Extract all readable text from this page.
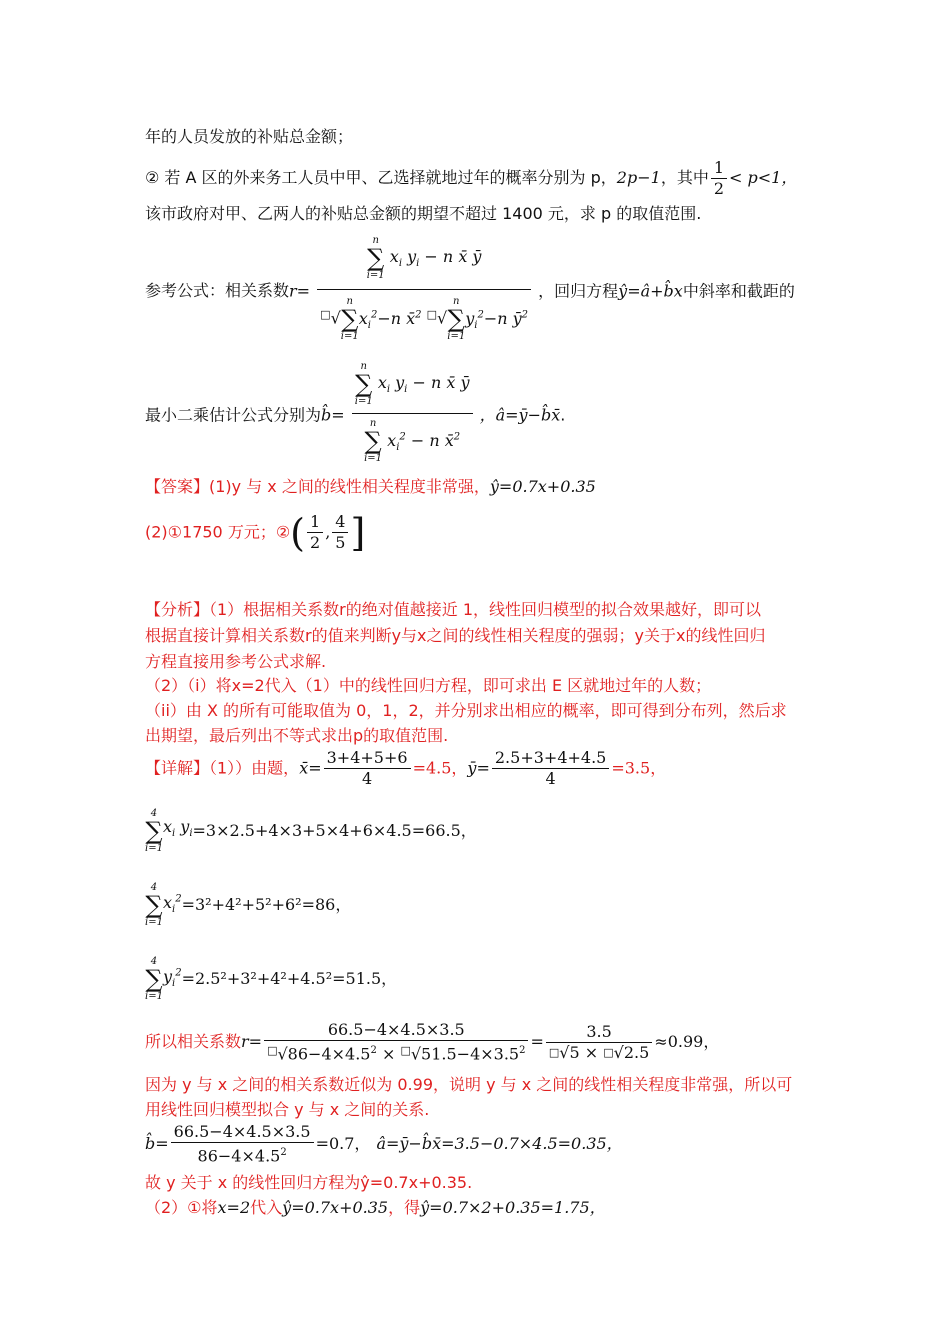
年的人员发放的补贴总金额；
② 若 A 区的外来务工人员中甲、乙选择就地过年的概率分别为 p，2p−1，其中 $\frac{1}{2} < p<1$，
该市政府对甲、乙两人的补贴总金额的期望不超过 1400 元，求 p 的取值范围.
参考公式：相关系数r= n
∑
i=1
$x_i$ $y_i - n$ x̄ ȳ
□√
n
∑
i=1
$x_i^2-n$ x̄$^2$ □√
n
∑
i=1
$y_i^2-n$ $ȳ^2$ ，回归方程ŷ=â+b̂x中斜率和截距的
最小二乘估计公式分别为b̂= n
∑
i=1
$x_i$ $y_i - n$ x̄ ȳ
n
∑
i=1
$x_i^2 - n$ x̄$^2$ ，â=ȳ−b̂x̄.
【答案】(1)y 与 x 之间的线性相关程度非常强，ŷ=0.7x+0.35
(2)①1750 万元；②( $\frac{1}{2}$ , $\frac{4}{5}$ ]
【分析】（1）根据相关系数r的绝对值越接近 1，线性回归模型的拟合效果越好，即可以
根据直接计算相关系数r的值来判断y与x之间的线性相关程度的强弱；y关于x的线性回归
方程直接用参考公式求解.
（2）（i）将x=2代入（1）中的线性回归方程，即可求出 E 区就地过年的人数；
（ii）由 X 的所有可能取值为 0，1，2，并分别求出相应的概率，即可得到分布列，然后求
出期望，最后列出不等式求出p的取值范围.
【详解】（1））由题，x̄= $\frac{3+4+5+6}{4} =4.5$，ȳ= $\frac{2.5+3+4+4.5}{4} =3.5$，
4
∑
i=1
$x_i$ $y_i=3\times 2.5+4\times 3+5\times 4+6\times 4.5=66.5$，
4
∑
i=1
$x_i^2=3^2+4^2+5^2+6^2=86$，
4
∑
i=1
$y_i^2=2.5^2+3^2+4^2+4.5^2=51.5$，
所以相关系数$r= \frac{66.5-4\times 4.5\times 3.5}{^□√86-4\times 4.5^2 \times ^□√51.5-4\times 3.5^2} = \frac{3.5}{^□√5 \times ^□√2.5} \approx 0.99$，
因为 y 与 x 之间的相关系数近似为 0.99，说明 y 与 x 之间的线性相关程度非常强，所以可
用线性回归模型拟合 y 与 x 之间的关系.
b̂= $\frac{66.5-4\times 4.5\times 3.5}{86-4\times 4.5^2} =0.7$， â=ȳ−b̂x̄=3.5−0.7×4.5=0.35，
故 y 关于 x 的线性回归方程为ŷ=0.7x+0.35.
（2）①将x=2代入ŷ=0.7x+0.35，得ŷ=0.7×2+0.35=1.75，
